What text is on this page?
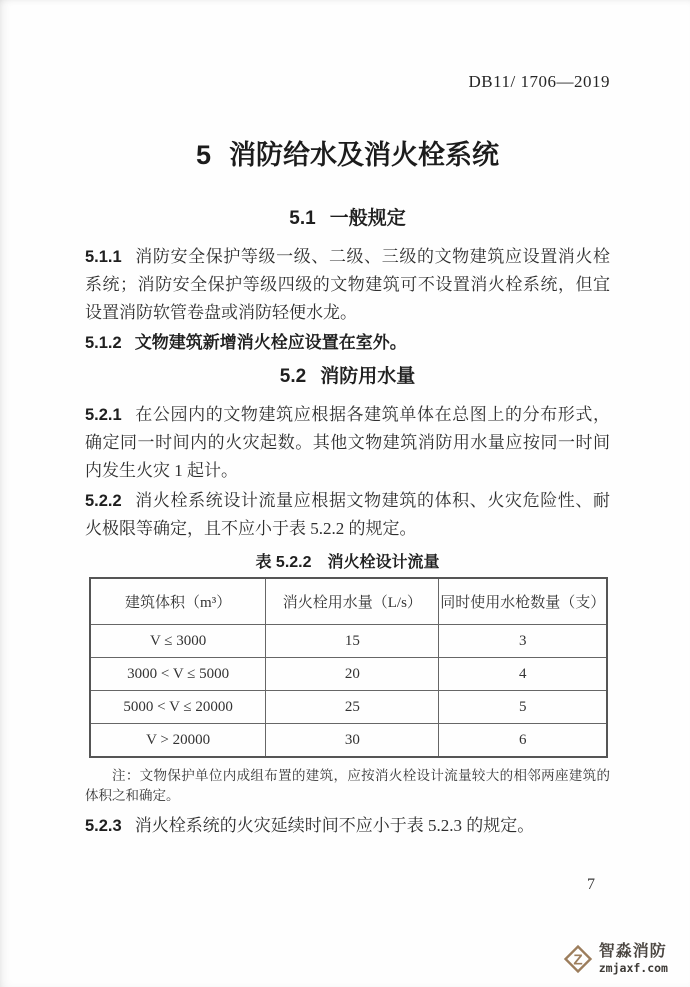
DB11/ 1706—2019
5 消防给水及消火栓系统
5.1 一般规定

5.1.1 消防安全保护等级一级、二级、三级的文物建筑应设置消火栓系统；消防安全保护等级四级的文物建筑可不设置消火栓系统，但宜设置消防软管卷盘或消防轻便水龙。

5.1.2 文物建筑新增消火栓应设置在室外。

5.2 消防用水量

5.2.1 在公园内的文物建筑应根据各建筑单体在总图上的分布形式，确定同一时间内的火灾起数。其他文物建筑消防用水量应按同一时间内发生火灾 1 起计。

5.2.2 消火栓系统设计流量应根据文物建筑的体积、火灾危险性、耐火极限等确定，且不应小于表 5.2.2 的规定。

表 5.2.2　消火栓设计流量
建筑体积（m³）	消火栓用水量（L/s）	同时使用水枪数量（支）
V ≤ 3000	15	3
3000 < V ≤ 5000	20	4
5000 < V ≤ 20000	25	5
V > 20000	30	6

注：文物保护单位内成组布置的建筑，应按消火栓设计流量较大的相邻两座建筑的体积之和确定。

5.2.3 消火栓系统的火灾延续时间不应小于表 5.2.3 的规定。

7
Z
智淼消防
zmjaxf.com
